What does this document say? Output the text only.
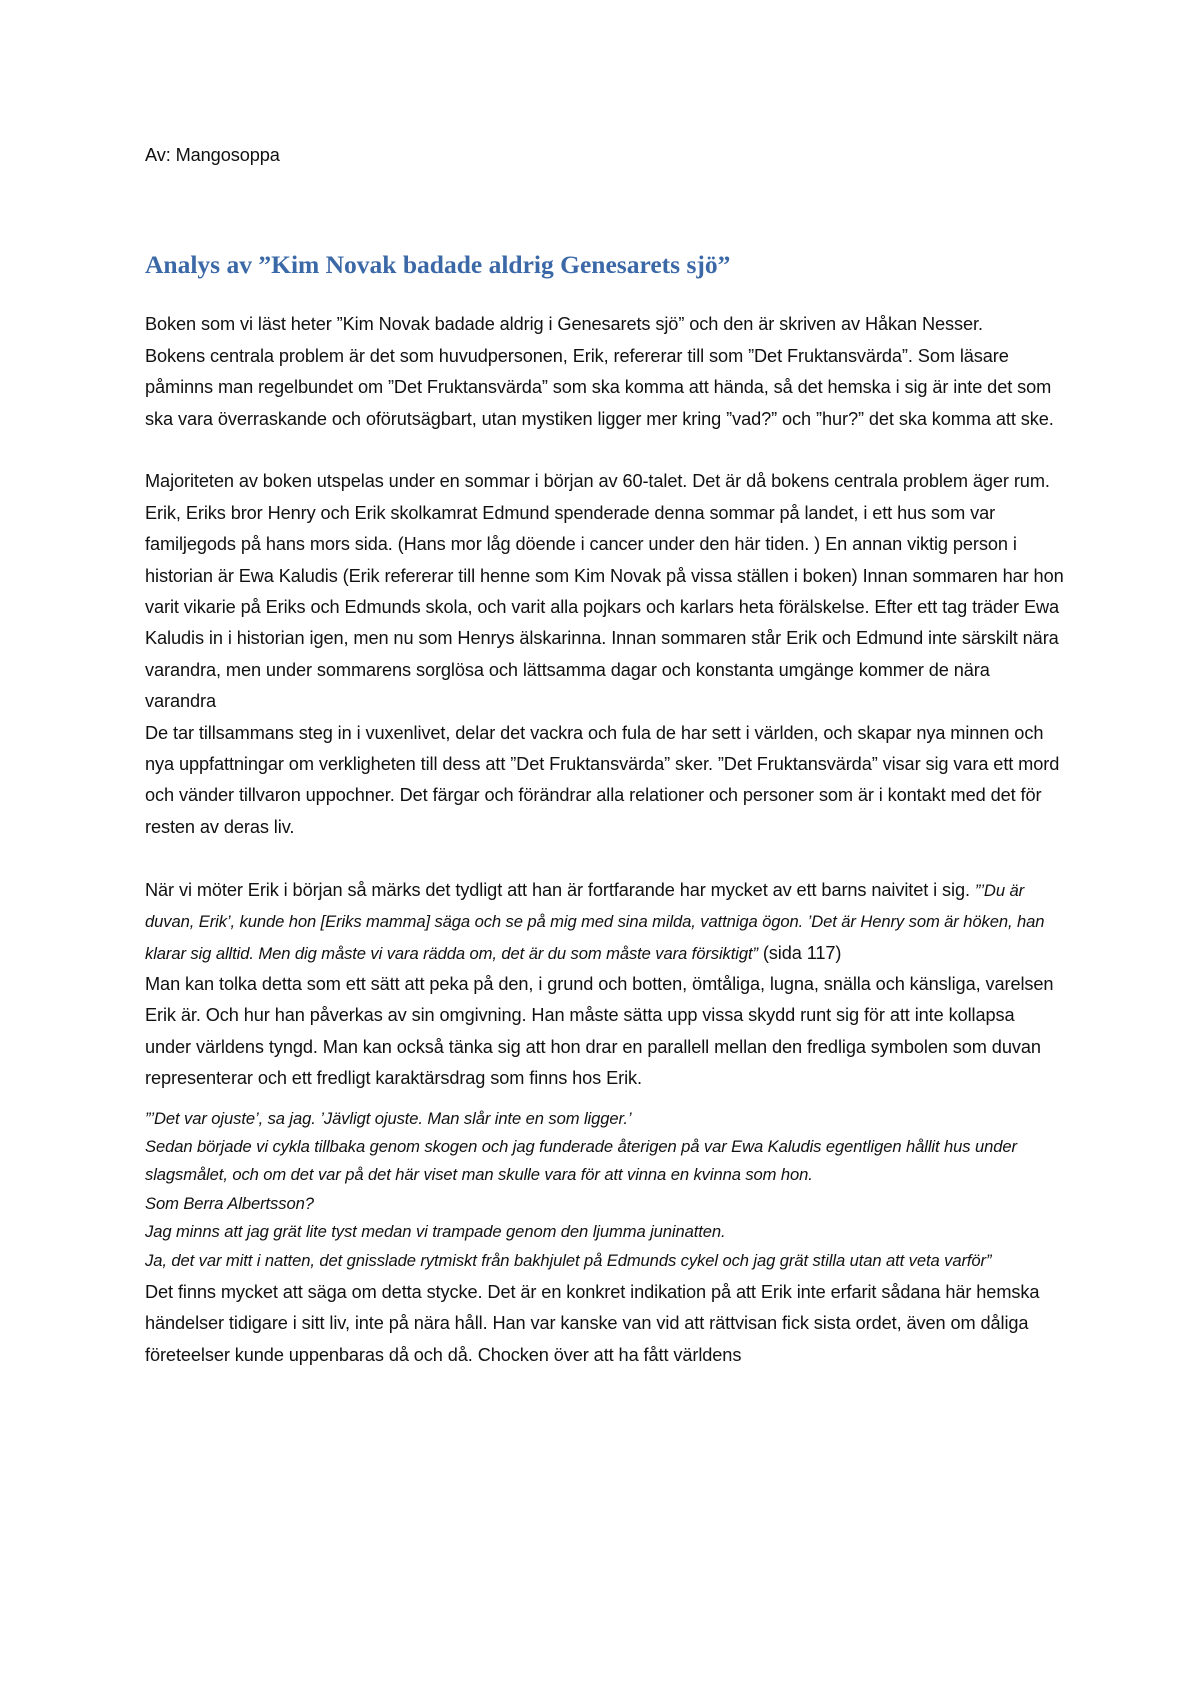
Av: Mangosoppa

Analys av ”Kim Novak badade aldrig Genesarets sjö”

Boken som vi läst heter ”Kim Novak badade aldrig i Genesarets sjö” och den är skriven av Håkan Nesser.

Bokens centrala problem är det som huvudpersonen, Erik, refererar till som ”Det Fruktansvärda”. Som läsare påminns man regelbundet om ”Det Fruktansvärda” som ska komma att hända, så det hemska i sig är inte det som ska vara överraskande och oförutsägbart, utan mystiken ligger mer kring ”vad?” och ”hur?” det ska komma att ske.

Majoriteten av boken utspelas under en sommar i början av 60-talet. Det är då bokens centrala problem äger rum. Erik, Eriks bror Henry och Erik skolkamrat Edmund spenderade denna sommar på landet, i ett hus som var familjegods på hans mors sida. (Hans mor låg döende i cancer under den här tiden. ) En annan viktig person i historian är Ewa Kaludis (Erik refererar till henne som Kim Novak på vissa ställen i boken) Innan sommaren har hon varit vikarie på Eriks och Edmunds skola, och varit alla pojkars och karlars heta förälskelse. Efter ett tag träder Ewa Kaludis in i historian igen, men nu som Henrys älskarinna. Innan sommaren står Erik och Edmund inte särskilt nära varandra, men under sommarens sorglösa och lättsamma dagar och konstanta umgänge kommer de nära varandra

De tar tillsammans steg in i vuxenlivet, delar det vackra och fula de har sett i världen, och skapar nya minnen och nya uppfattningar om verkligheten till dess att ”Det Fruktansvärda” sker. ”Det Fruktansvärda” visar sig vara ett mord och vänder tillvaron uppochner. Det färgar och förändrar alla relationer och personer som är i kontakt med det för resten av deras liv.

När vi möter Erik i början så märks det tydligt att han är fortfarande har mycket av ett barns naivitet i sig. ”’Du är duvan, Erik’, kunde hon [Eriks mamma] säga och se på mig med sina milda, vattniga ögon. ’Det är Henry som är höken, han klarar sig alltid. Men dig måste vi vara rädda om, det är du som måste vara försiktigt” (sida 117)

Man kan tolka detta som ett sätt att peka på den, i grund och botten, ömtåliga, lugna, snälla och känsliga, varelsen Erik är. Och hur han påverkas av sin omgivning. Han måste sätta upp vissa skydd runt sig för att inte kollapsa under världens tyngd. Man kan också tänka sig att hon drar en parallell mellan den fredliga symbolen som duvan representerar och ett fredligt karaktärsdrag som finns hos Erik.

”’Det var ojuste’, sa jag. ’Jävligt ojuste. Man slår inte en som ligger.’

Sedan började vi cykla tillbaka genom skogen och jag funderade återigen på var Ewa Kaludis egentligen hållit hus under slagsmålet, och om det var på det här viset man skulle vara för att vinna en kvinna som hon.

Som Berra Albertsson?

Jag minns att jag grät lite tyst medan vi trampade genom den ljumma juninatten.

Ja, det var mitt i natten, det gnisslade rytmiskt från bakhjulet på Edmunds cykel och jag grät stilla utan att veta varför”

Det finns mycket att säga om detta stycke. Det är en konkret indikation på att Erik inte erfarit sådana här hemska händelser tidigare i sitt liv, inte på nära håll. Han var kanske van vid att rättvisan fick sista ordet, även om dåliga företeelser kunde uppenbaras då och då. Chocken över att ha fått världens
